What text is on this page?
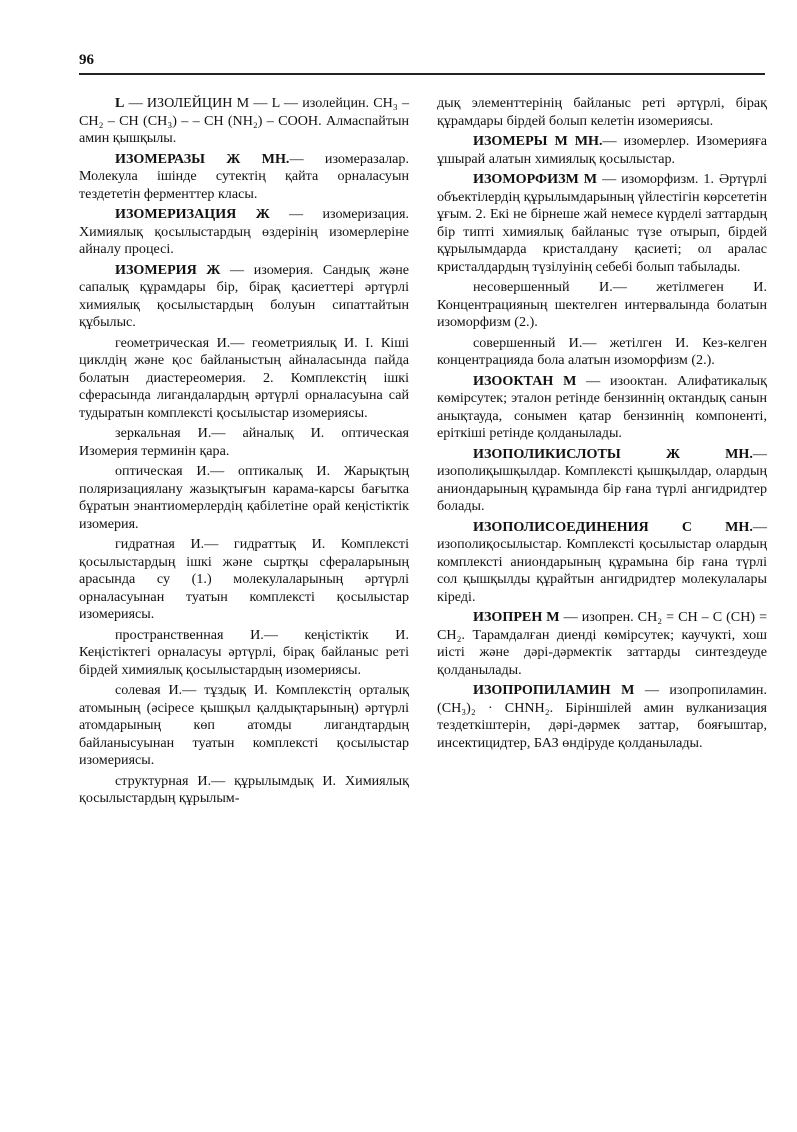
96

L — ИЗОЛЕЙЦИН М — L — изолейцин. CH₃ – CH₂ – CH (CH₃) – – CH (NH₂) – COOH. Алмаспайтын амин қышқылы.

ИЗОМЕРАЗЫ Ж МН.— изомеразалар. Молекула ішінде сутектің қайта орналасуын тездететін ферменттер класы.

ИЗОМЕРИЗАЦИЯ Ж — изомеризация. Химиялық қосылыстардың өздерінің изомерлеріне айналу процесі.

ИЗОМЕРИЯ Ж — изомерия. Сандық және сапалық құрамдары бір, бірақ қасиеттері әртүрлі химиялық қосылыстардың болуын сипаттайтын құбылыс.

геометрическая И.— геометриялық И. I. Кіші циклдің және қос байланыстың айналасында пайда болатын диастереомерия. 2. Комплекстің ішкі сферасында лигандалардың әртүрлі орналасуына сай тудыратын комплексті қосылыстар изомериясы.

зеркальная И.— айналық И. оптическая Изомерия терминін қара.

оптическая И.— оптикалық И. Жарықтың поляризациялану жазықтығын карама-карсы бағытка бұратын энантиомерлердің қабілетіне орай кеңістіктік изомерия.

гидратная И.— гидраттық И. Комплексті қосылыстардың ішкі және сыртқы сфераларының арасында су (1.) молекулаларының әртүрлі орналасуынан туатын комплексті қосылыстар изомериясы.

пространственная И.— кеңістіктік И. Кеңістіктегі орналасуы әртүрлі, бірақ байланыс реті бірдей химиялық қосылыстардың изомериясы.

солевая И.— тұздық И. Комплекстің орталық атомының (әсіресе қышқыл қалдықтарының) әртүрлі атомдарының көп атомды лигандтардың байланысуынан туатын комплексті қосылыстар изомериясы.

структурная И.— құрылымдық И. Химиялық қосылыстардың құрылым-

дық элементтерінің байланыс реті әртүрлі, бірақ құрамдары бірдей болып келетін изомериясы.

ИЗОМЕРЫ М МН.— изомерлер. Изомерияға ұшырай алатын химиялық қосылыстар.

ИЗОМОРФИЗМ М — изоморфизм. 1. Әртүрлі объектілердің құрылымдарының үйлестігін көрсететін ұғым. 2. Екі не бірнеше жай немесе күрделі заттардың бір типті химиялық байланыс түзе отырып, бірдей құрылымдарда кристалдану қасиеті; ол аралас кристалдардың түзілуінің себебі болып табылады.

несовершенный И.— жетілмеген И. Концентрацияның шектелген интервалында болатын изоморфизм (2.).

совершенный И.— жетілген И. Кез-келген концентрацияда бола алатын изоморфизм (2.).

ИЗООКТАН М — изооктан. Алифатикалық көмірсутек; эталон ретінде бензиннің октандық санын анықтауда, сонымен қатар бензиннің компоненті, еріткіші ретінде қолданылады.

ИЗОПОЛИКИСЛОТЫ Ж МН.— изополиқышқылдар. Комплексті қышқылдар, олардың аниондарының құрамында бір ғана түрлі ангидридтер болады.

ИЗОПОЛИСОЕДИНЕНИЯ С МН.— изополиқосылыстар. Комплексті қосылыстар олардың комплексті аниондарының құрамына бір ғана түрлі сол қышқылды құрайтын ангидридтер молекулалары кіреді.

ИЗОПРЕН М — изопрен. CH₂ = CH – C (CH) = CH₂. Тарамдалған диенді көмірсутек; каучукті, хош иісті және дәрі-дәрмектік заттарды синтездеуде қолданылады.

ИЗОПРОПИЛАМИН М — изопропиламин. (CH₃)₂ · CHNH₂. Біріншілей амин вулканизация тездеткіштерін, дәрі-дәрмек заттар, бояғыштар, инсектицидтер, БАЗ өндіруде қолданылады.
